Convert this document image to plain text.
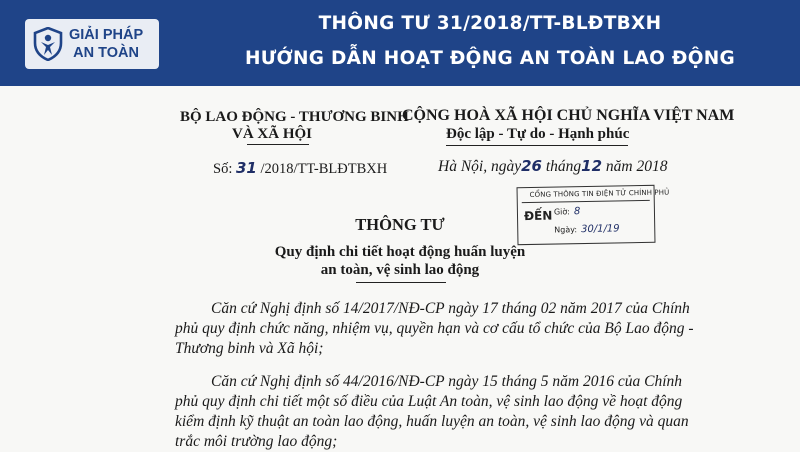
GIẢI PHÁP
AN TOÀN
THÔNG TƯ 31/2018/TT-BLĐTBXH
HƯỚNG DẪN HOẠT ĐỘNG AN TOÀN LAO ĐỘNG
BỘ LAO ĐỘNG - THƯƠNG BINH
VÀ XÃ HỘI
CỘNG HOÀ XÃ HỘI CHỦ NGHĨA VIỆT NAM
Độc lập - Tự do - Hạnh phúc
Số: 31 /2018/TT-BLĐTBXH	Hà Nội, ngày26 tháng12 năm 2018
CỔNG THÔNG TIN ĐIỆN TỬ CHÍNH PHỦ
ĐẾN Giờ: 8
Ngày: 30/1/19
THÔNG TƯ
Quy định chi tiết hoạt động huấn luyện
an toàn, vệ sinh lao động
Căn cứ Nghị định số 14/2017/NĐ-CP ngày 17 tháng 02 năm 2017 của Chính
phủ quy định chức năng, nhiệm vụ, quyền hạn và cơ cấu tổ chức của Bộ Lao động -
Thương binh và Xã hội;
Căn cứ Nghị định số 44/2016/NĐ-CP ngày 15 tháng 5 năm 2016 của Chính
phủ quy định chi tiết một số điều của Luật An toàn, vệ sinh lao động về hoạt động
kiểm định kỹ thuật an toàn lao động, huấn luyện an toàn, vệ sinh lao động và quan
trắc môi trường lao động;
